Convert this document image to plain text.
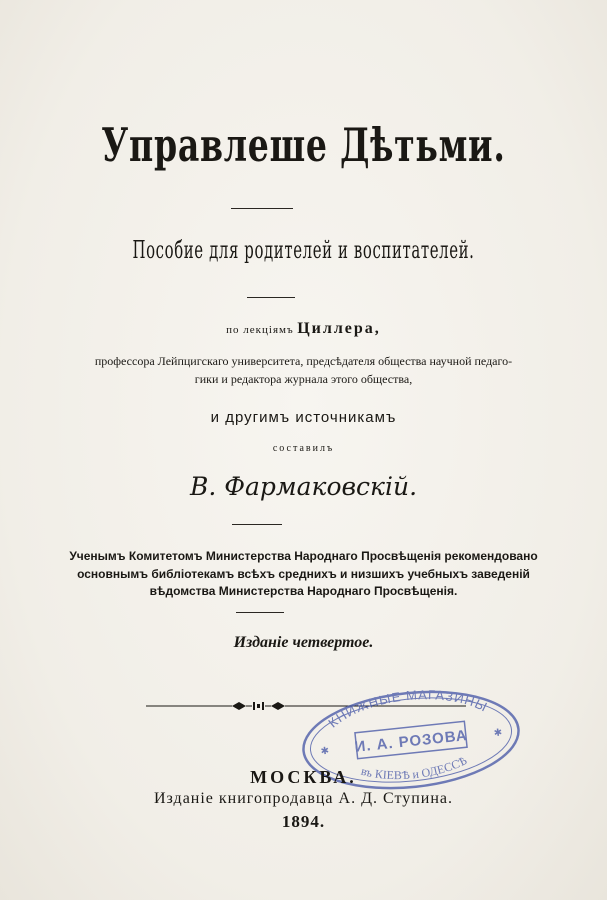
Управлеше Дѣтьми.
Пособие для родителей и воспитателей.
по лекціямъ Циллера,
профессора Лейпцигскаго университета, предсѣдателя общества научной педаго-
гики и редактора журнала этого общества,
и другимъ источникамъ
составилъ
В. Фармаковскій.
Ученымъ Комитетомъ Министерства Народнаго Просвѣщенія рекомендовано
основнымъ библіотекамъ всѣхъ среднихъ и низшихъ учебныхъ заведеній
вѣдомства Министерства Народнаго Просвѣщенія.
Изданіе четвертое.
КНИЖНЫЕ МАГАЗИНЫ
И. А. РОЗОВА
въ КІЕВѢ и ОДЕССѢ
✱
✱
МОСКВА.
Изданіе книгопродавца А. Д. Ступина.
1894.
